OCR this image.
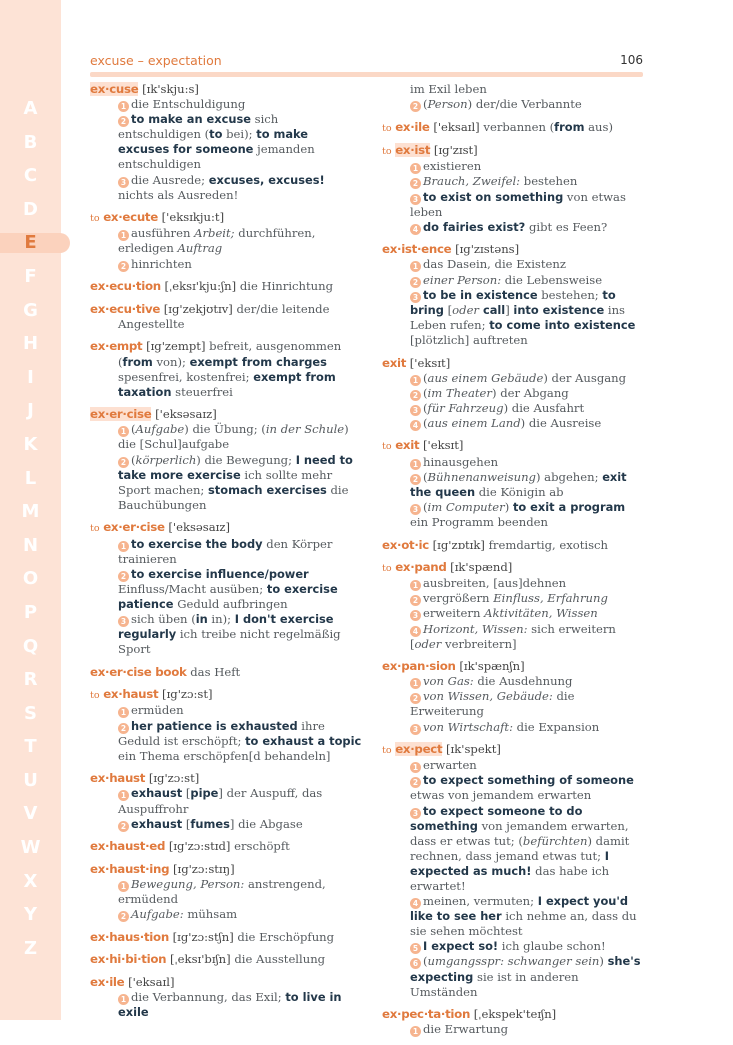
A
B
C
D
E
F
G
H
I
J
K
L
M
N
O
P
Q
R
S
T
U
V
W
X
Y
Z
excuse – expectation	106
ex·cuse [ɪk'skju:s]
1 die Entschuldigung
2 to make an excuse sich entschuldigen (to bei); to make excuses for someone jemanden entschuldigen
3 die Ausrede; excuses, excuses! nichts als Ausreden!
to ex·ecute ['eksɪkju:t]
1 ausführen Arbeit; durchführen, erledigen Auftrag
2 hinrichten
ex·ecu·tion [ˌeksɪ'kju:ʃn] die Hinrichtung
ex·ecu·tive [ɪg'zekjʊtɪv] der/die leitende Angestellte
ex·empt [ɪg'zempt] befreit, ausgenommen (from von); exempt from charges spesenfrei, kostenfrei; exempt from taxation steuerfrei
ex·er·cise ['eksəsaɪz]
1 (Aufgabe) die Übung; (in der Schule) die [Schul]aufgabe
2 (körperlich) die Bewegung; I need to take more exercise ich sollte mehr Sport machen; stomach exercises die Bauchübungen
to ex·er·cise ['eksəsaɪz]
1 to exercise the body den Körper trainieren
2 to exercise influence/power Einfluss/Macht ausüben; to exercise patience Geduld aufbringen
3 sich üben (in in); I don't exercise regularly ich treibe nicht regelmäßig Sport
ex·er·cise book das Heft
to ex·haust [ɪg'zɔ:st]
1 ermüden
2 her patience is exhausted ihre Geduld ist erschöpft; to exhaust a topic ein Thema erschöpfen[d behandeln]
ex·haust [ɪg'zɔ:st]
1 exhaust [pipe] der Auspuff, das Auspuffrohr
2 exhaust [fumes] die Abgase
ex·haust·ed [ɪg'zɔ:stɪd] erschöpft
ex·haust·ing [ɪg'zɔ:stɪŋ]
1 Bewegung, Person: anstrengend, ermüdend
2 Aufgabe: mühsam
ex·haus·tion [ɪg'zɔ:stʃn] die Erschöpfung
ex·hi·bi·tion [ˌeksɪ'bɪʃn] die Ausstellung
ex·ile ['eksaɪl]
1 die Verbannung, das Exil; to live in exile
im Exil leben
2 (Person) der/die Verbannte
to ex·ile ['eksaɪl] verbannen (from aus)
to ex·ist [ɪg'zɪst]
1 existieren
2 Brauch, Zweifel: bestehen
3 to exist on something von etwas leben
4 do fairies exist? gibt es Feen?
ex·ist·ence [ɪg'zɪstəns]
1 das Dasein, die Existenz
2 einer Person: die Lebensweise
3 to be in existence bestehen; to bring [oder call] into existence ins Leben rufen; to come into existence [plötzlich] auftreten
exit ['eksɪt]
1 (aus einem Gebäude) der Ausgang
2 (im Theater) der Abgang
3 (für Fahrzeug) die Ausfahrt
4 (aus einem Land) die Ausreise
to exit ['eksɪt]
1 hinausgehen
2 (Bühnenanweisung) abgehen; exit the queen die Königin ab
3 (im Computer) to exit a program ein Programm beenden
ex·ot·ic [ɪg'zɒtɪk] fremdartig, exotisch
to ex·pand [ɪk'spænd]
1 ausbreiten, [aus]dehnen
2 vergrößern Einfluss, Erfahrung
3 erweitern Aktivitäten, Wissen
4 Horizont, Wissen: sich erweitern [oder verbreitern]
ex·pan·sion [ɪk'spænʃn]
1 von Gas: die Ausdehnung
2 von Wissen, Gebäude: die Erweiterung
3 von Wirtschaft: die Expansion
to ex·pect [ɪk'spekt]
1 erwarten
2 to expect something of someone etwas von jemandem erwarten
3 to expect someone to do something von jemandem erwarten, dass er etwas tut; (befürchten) damit rechnen, dass jemand etwas tut; I expected as much! das habe ich erwartet!
4 meinen, vermuten; I expect you'd like to see her ich nehme an, dass du sie sehen möchtest
5 I expect so! ich glaube schon!
6 (umgangsspr: schwanger sein) she's expecting sie ist in anderen Umständen
ex·pec·ta·tion [ˌekspek'teɪʃn]
1 die Erwartung
